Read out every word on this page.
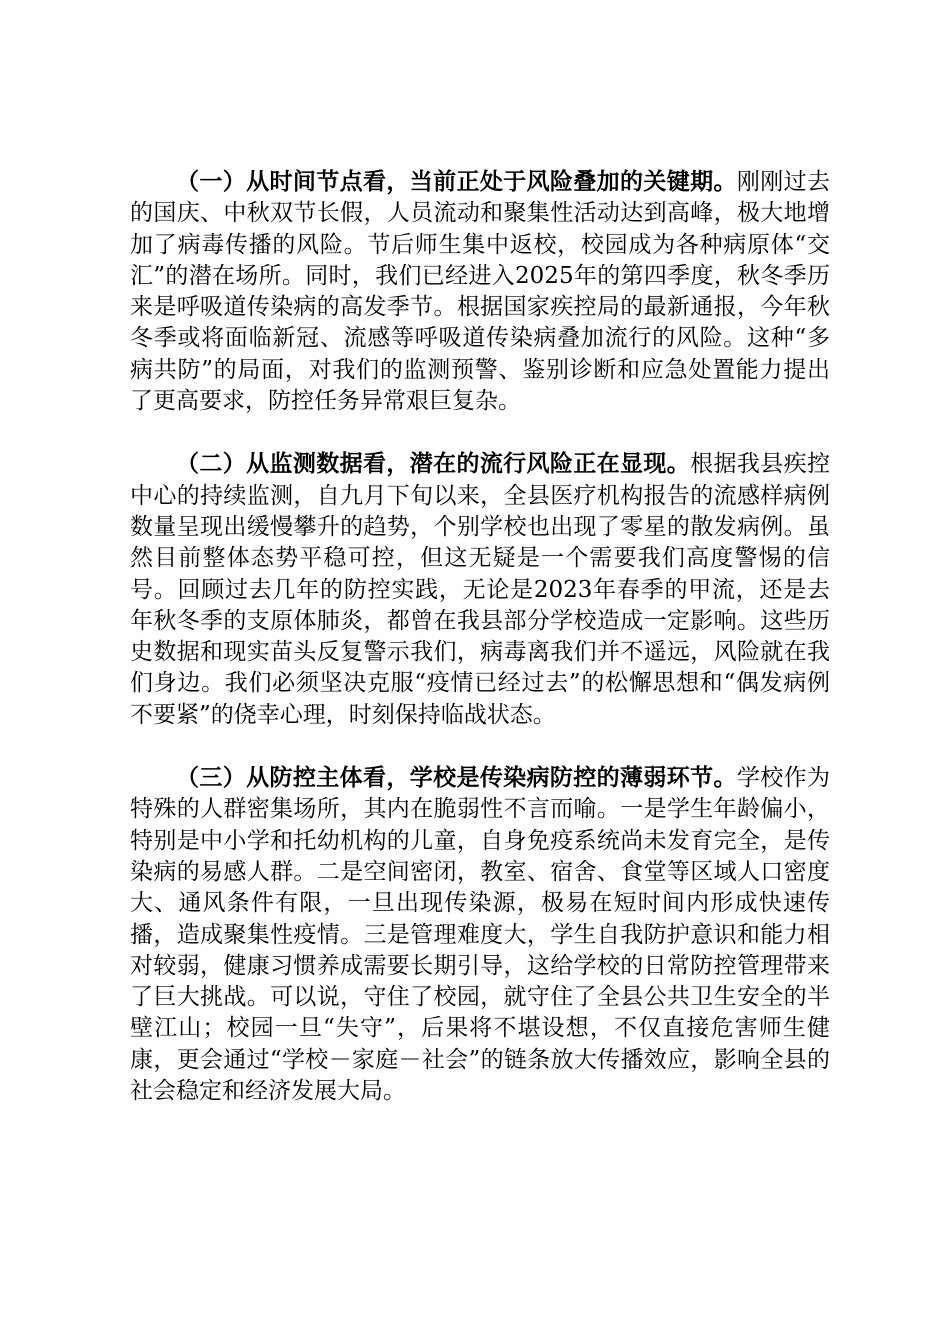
（一）从时间节点看，当前正处于风险叠加的关键期。刚刚过去的国庆、中秋双节长假，人员流动和聚集性活动达到高峰，极大地增加了病毒传播的风险。节后师生集中返校，校园成为各种病原体“交汇”的潜在场所。同时，我们已经进入2025年的第四季度，秋冬季历来是呼吸道传染病的高发季节。根据国家疾控局的最新通报，今年秋冬季或将面临新冠、流感等呼吸道传染病叠加流行的风险。这种“多病共防”的局面，对我们的监测预警、鉴别诊断和应急处置能力提出了更高要求，防控任务异常艰巨复杂。

（二）从监测数据看，潜在的流行风险正在显现。根据我县疾控中心的持续监测，自九月下旬以来，全县医疗机构报告的流感样病例数量呈现出缓慢攀升的趋势，个别学校也出现了零星的散发病例。虽然目前整体态势平稳可控，但这无疑是一个需要我们高度警惕的信号。回顾过去几年的防控实践，无论是2023年春季的甲流，还是去年秋冬季的支原体肺炎，都曾在我县部分学校造成一定影响。这些历史数据和现实苗头反复警示我们，病毒离我们并不遥远，风险就在我们身边。我们必须坚决克服“疫情已经过去”的松懈思想和“偶发病例不要紧”的侥幸心理，时刻保持临战状态。

（三）从防控主体看，学校是传染病防控的薄弱环节。学校作为特殊的人群密集场所，其内在脆弱性不言而喻。一是学生年龄偏小，特别是中小学和托幼机构的儿童，自身免疫系统尚未发育完全，是传染病的易感人群。二是空间密闭，教室、宿舍、食堂等区域人口密度大、通风条件有限，一旦出现传染源，极易在短时间内形成快速传播，造成聚集性疫情。三是管理难度大，学生自我防护意识和能力相对较弱，健康习惯养成需要长期引导，这给学校的日常防控管理带来了巨大挑战。可以说，守住了校园，就守住了全县公共卫生安全的半壁江山；校园一旦“失守”，后果将不堪设想，不仅直接危害师生健康，更会通过“学校－家庭－社会”的链条放大传播效应，影响全县的社会稳定和经济发展大局。
